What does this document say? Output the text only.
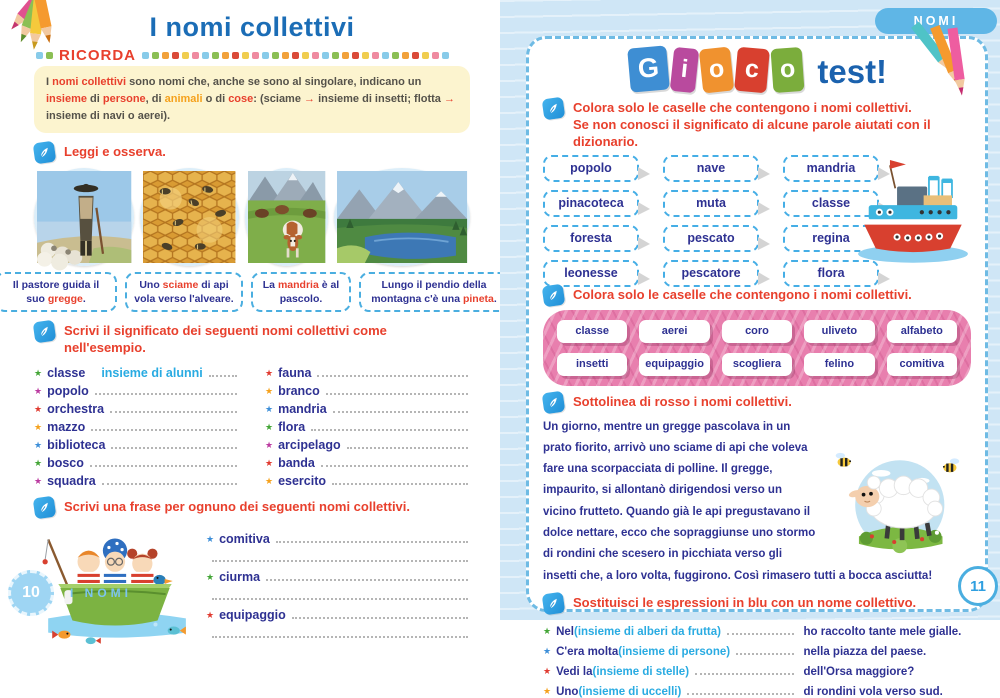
I nomi collettivi
RICORDA
I nomi collettivi sono nomi che, anche se sono al singolare, indicano un insieme di persone, di animali o di cose: (sciame → insieme di insetti; flotta → insieme di navi o aerei).
Leggi e osserva.
Il pastore guida il suo gregge.
Uno sciame di api vola verso l'alveare.
La mandria è al pascolo.
Lungo il pendio della montagna c'è una pineta.
Scrivi il significato dei seguenti nomi collettivi come nell'esempio.
★ classe insieme di alunni
★ popolo
★ orchestra
★ mazzo
★ biblioteca
★ bosco
★ squadra
★ fauna
★ branco
★ mandria
★ flora
★ arcipelago
★ banda
★ esercito
Scrivi una frase per ognuno dei seguenti nomi collettivi.
★ comitiva
★ ciurma
★ equipaggio
10	I NOMI
NOMI
G i o c o test!
Colora solo le caselle che contengono i nomi collettivi.
Se non conosci il significato di alcune parole aiutati con il dizionario.
popolo	nave	mandria
pinacoteca	muta	classe
foresta	pescato	regina
leonesse	pescatore	flora
Colora solo le caselle che contengono i nomi collettivi.
classe	aerei	coro	uliveto	alfabeto
insetti	equipaggio	scogliera	felino	comitiva
Sottolinea di rosso i nomi collettivi.

Un giorno, mentre un gregge pascolava in un prato fiorito, arrivò uno sciame di api che voleva fare una scorpacciata di polline. Il gregge, impaurito, si allontanò dirigendosi verso un vicino frutteto. Quando già le api pregustavano il dolce nettare, ecco che sopraggiunse uno stormo di rondini che scesero in picchiata verso gli insetti che, a loro volta, fuggirono. Così rimasero tutti a bocca asciutta!

Sostituisci le espressioni in blu con un nome collettivo.
★ Nel (insieme di alberi da frutta)	ho raccolto tante mele gialle.
★ C'era molta (insieme di persone)	nella piazza del paese.
★ Vedi la (insieme di stelle)	dell'Orsa maggiore?
★ Uno (insieme di uccelli)	di rondini vola verso sud.
11
